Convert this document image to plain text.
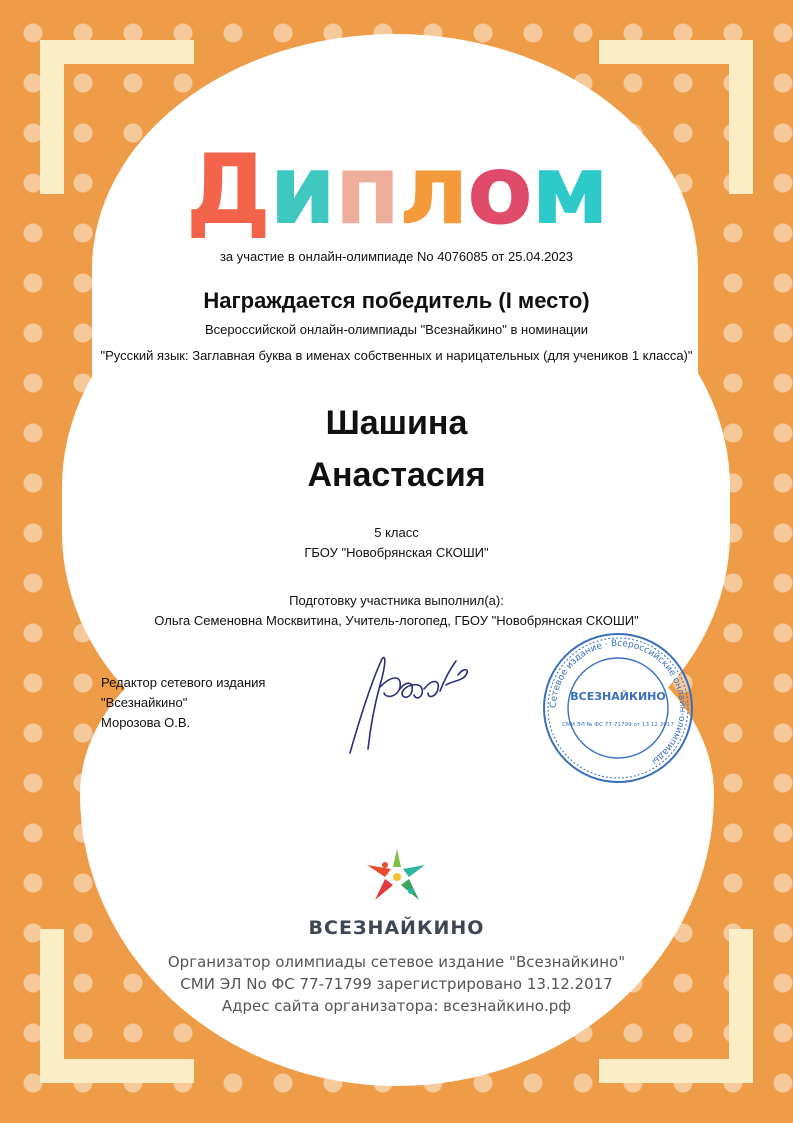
Диплом
за участие в онлайн-олимпиаде No 4076085 от 25.04.2023
Награждается победитель (I место)
Всероссийской онлайн-олимпиады "Всезнайкино" в номинации
"Русский язык: Заглавная буква в именах собственных и нарицательных (для учеников 1 класса)"
Шашина
Анастасия
5 класс
ГБОУ "Новобрянская СКОШИ"
Подготовку участника выполнил(а):
Ольга Семеновна Москвитина, Учитель-логопед, ГБОУ "Новобрянская СКОШИ"
Редактор сетевого издания
"Всезнайкино"
Морозова О.В.
Сетевое издание · Всероссийские онлайн-олимпиады
ВСЕЗНАЙКИНО
СМИ ЭЛ № ФС 77-71799 от 13.12.2017
ВСЕЗНАЙКИНО
Организатор олимпиады сетевое издание "Всезнайкино"
СМИ ЭЛ No ФС 77-71799 зарегистрировано 13.12.2017
Адрес сайта организатора: всезнайкино.рф
